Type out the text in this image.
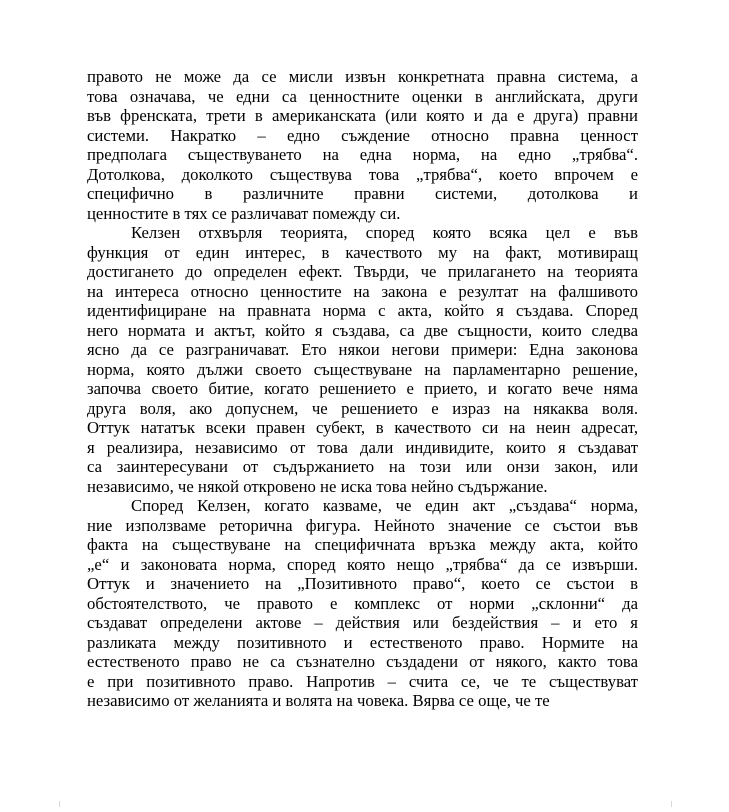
правото не може да се мисли извън конкретната правна система, а
това означава, че едни са ценностните оценки в английската, други
във френската, трети в американската (или която и да е друга) правни
системи. Накратко – едно съждение относно правна ценност
предполага съществуването на една норма, на едно „трябва“.
Дотолкова, доколкото съществува това „трябва“, което впрочем е
специфично в различните правни системи, дотолкова и
ценностите в тях се различават помежду си.
Келзен отхвърля теорията, според която всяка цел е във
функция от един интерес, в качеството му на факт, мотивиращ
достигането до определен ефект. Твърди, че прилагането на теорията
на интереса относно ценностите на закона е резултат на фалшивото
идентифициране на правната норма с акта, който я създава. Според
него нормата и актът, който я създава, са две същности, които следва
ясно да се разграничават. Ето някои негови примери: Една законова
норма, която дължи своето съществуване на парламентарно решение,
започва своето битие, когато решението е прието, и когато вече няма
друга воля, ако допуснем, че решението е израз на някаква воля.
Оттук нататък всеки правен субект, в качеството си на неин адресат,
я реализира, независимо от това дали индивидите, които я създават
са заинтересувани от съдържанието на този или онзи закон, или
независимо, че някой откровено не иска това нейно съдържание.
Според Келзен, когато казваме, че един акт „създава“ норма,
ние използваме реторична фигура. Нейното значение се състои във
факта на съществуване на специфичната връзка между акта, който
„е“ и законовата норма, според която нещо „трябва“ да се извърши.
Оттук и значението на „Позитивното право“, което се състои в
обстоятелството, че правото е комплекс от норми „склонни“ да
създават определени актове – действия или бездействия – и ето я
разликата между позитивното и естественото право. Нормите на
естественото право не са съзнателно създадени от някого, както това
е при позитивното право. Напротив – счита се, че те съществуват
независимо от желанията и волята на човека. Вярва се още, че те
